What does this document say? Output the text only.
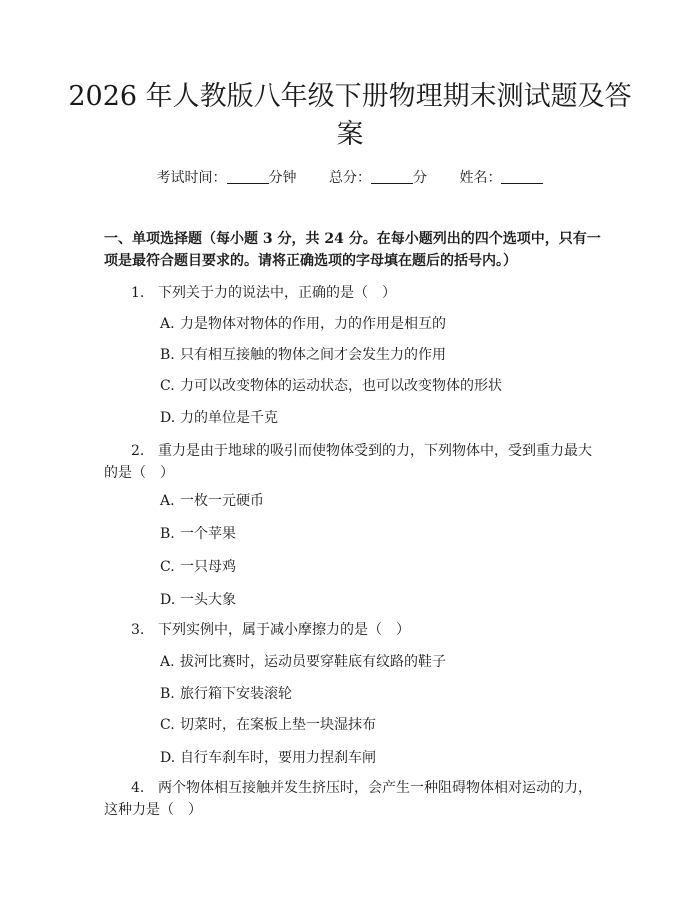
2026 年人教版八年级下册物理期末测试题及答案
考试时间：	分钟 总分：	分 姓名：

一、单项选择题（每小题 3 分，共 24 分。在每小题列出的四个选项中，只有一项是最符合题目要求的。请将正确选项的字母填在题后的括号内。）

1. 下列关于力的说法中，正确的是（　）

A. 力是物体对物体的作用，力的作用是相互的

B. 只有相互接触的物体之间才会发生力的作用

C. 力可以改变物体的运动状态，也可以改变物体的形状

D. 力的单位是千克

2. 重力是由于地球的吸引而使物体受到的力，下列物体中，受到重力最大的是（　）

A. 一枚一元硬币

B. 一个苹果

C. 一只母鸡

D. 一头大象

3. 下列实例中，属于减小摩擦力的是（　）

A. 拔河比赛时，运动员要穿鞋底有纹路的鞋子

B. 旅行箱下安装滚轮

C. 切菜时，在案板上垫一块湿抹布

D. 自行车刹车时，要用力捏刹车闸

4. 两个物体相互接触并发生挤压时，会产生一种阻碍物体相对运动的力，这种力是（　）
